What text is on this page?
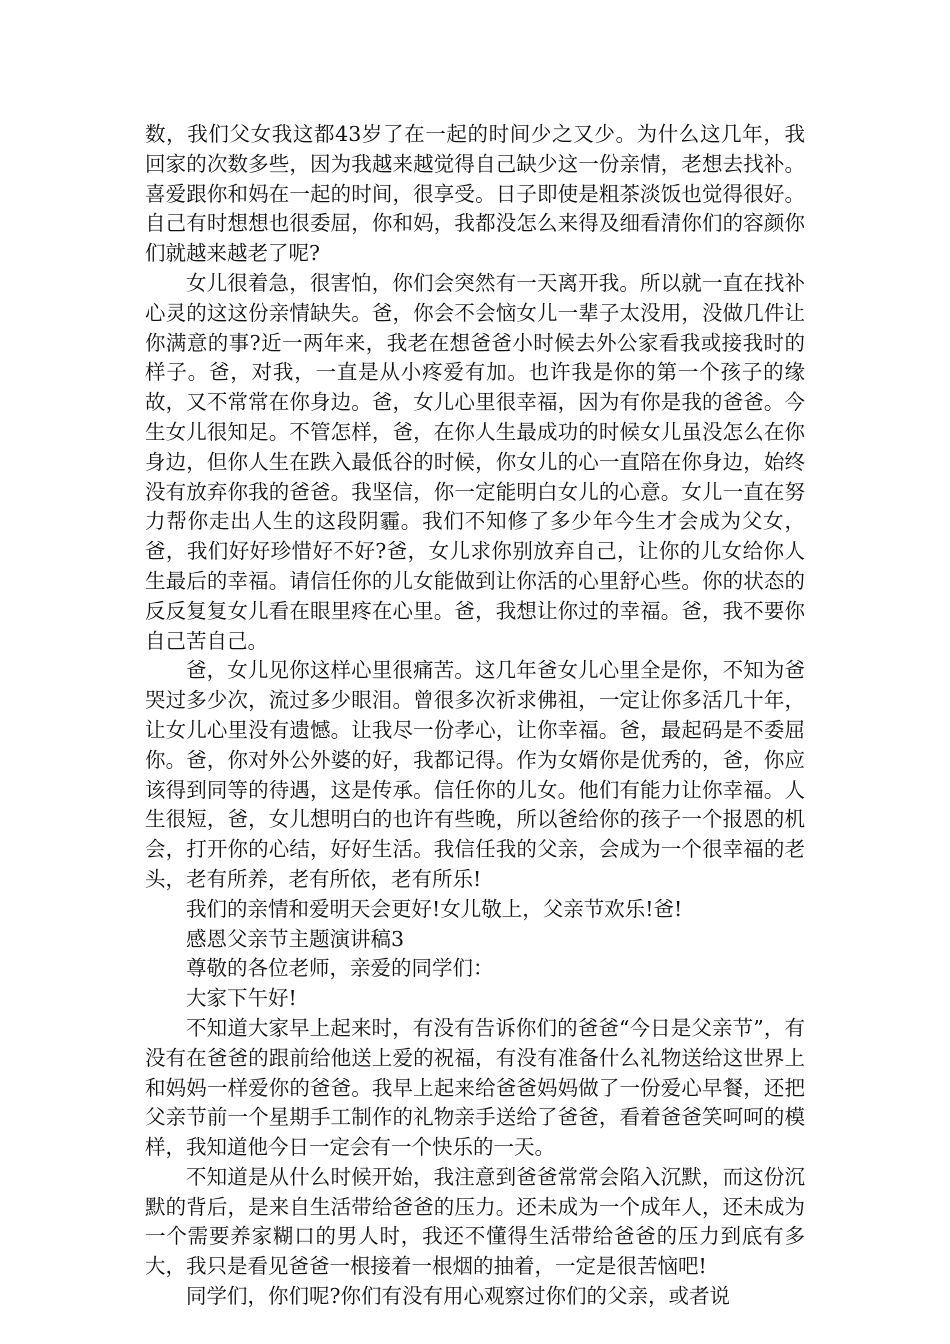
数，我们父女我这都43岁了在一起的时间少之又少。为什么这几年，我回家的次数多些，因为我越来越觉得自己缺少这一份亲情，老想去找补。喜爱跟你和妈在一起的时间，很享受。日子即使是粗茶淡饭也觉得很好。自己有时想想也很委屈，你和妈，我都没怎么来得及细看清你们的容颜你们就越来越老了呢?

女儿很着急，很害怕，你们会突然有一天离开我。所以就一直在找补心灵的这这份亲情缺失。爸，你会不会恼女儿一辈子太没用，没做几件让你满意的事?近一两年来，我老在想爸爸小时候去外公家看我或接我时的样子。爸，对我，一直是从小疼爱有加。也许我是你的第一个孩子的缘故，又不常常在你身边。爸，女儿心里很幸福，因为有你是我的爸爸。今生女儿很知足。不管怎样，爸，在你人生最成功的时候女儿虽没怎么在你身边，但你人生在跌入最低谷的时候，你女儿的心一直陪在你身边，始终没有放弃你我的爸爸。我坚信，你一定能明白女儿的心意。女儿一直在努力帮你走出人生的这段阴霾。我们不知修了多少年今生才会成为父女，爸，我们好好珍惜好不好?爸，女儿求你别放弃自己，让你的儿女给你人生最后的幸福。请信任你的儿女能做到让你活的心里舒心些。你的状态的反反复复女儿看在眼里疼在心里。爸，我想让你过的幸福。爸，我不要你自己苦自己。

爸，女儿见你这样心里很痛苦。这几年爸女儿心里全是你，不知为爸哭过多少次，流过多少眼泪。曾很多次祈求佛祖，一定让你多活几十年，让女儿心里没有遗憾。让我尽一份孝心，让你幸福。爸，最起码是不委屈你。爸，你对外公外婆的好，我都记得。作为女婿你是优秀的，爸，你应该得到同等的待遇，这是传承。信任你的儿女。他们有能力让你幸福。人生很短，爸，女儿想明白的也许有些晚，所以爸给你的孩子一个报恩的机会，打开你的心结，好好生活。我信任我的父亲，会成为一个很幸福的老头，老有所养，老有所依，老有所乐!

我们的亲情和爱明天会更好!女儿敬上，父亲节欢乐!爸!

感恩父亲节主题演讲稿3

尊敬的各位老师，亲爱的同学们：

大家下午好!

不知道大家早上起来时，有没有告诉你们的爸爸“今日是父亲节”，有没有在爸爸的跟前给他送上爱的祝福，有没有准备什么礼物送给这世界上和妈妈一样爱你的爸爸。我早上起来给爸爸妈妈做了一份爱心早餐，还把父亲节前一个星期手工制作的礼物亲手送给了爸爸，看着爸爸笑呵呵的模样，我知道他今日一定会有一个快乐的一天。

不知道是从什么时候开始，我注意到爸爸常常会陷入沉默，而这份沉默的背后，是来自生活带给爸爸的压力。还未成为一个成年人，还未成为一个需要养家糊口的男人时，我还不懂得生活带给爸爸的压力到底有多大，我只是看见爸爸一根接着一根烟的抽着，一定是很苦恼吧!

同学们，你们呢?你们有没有用心观察过你们的父亲，或者说
